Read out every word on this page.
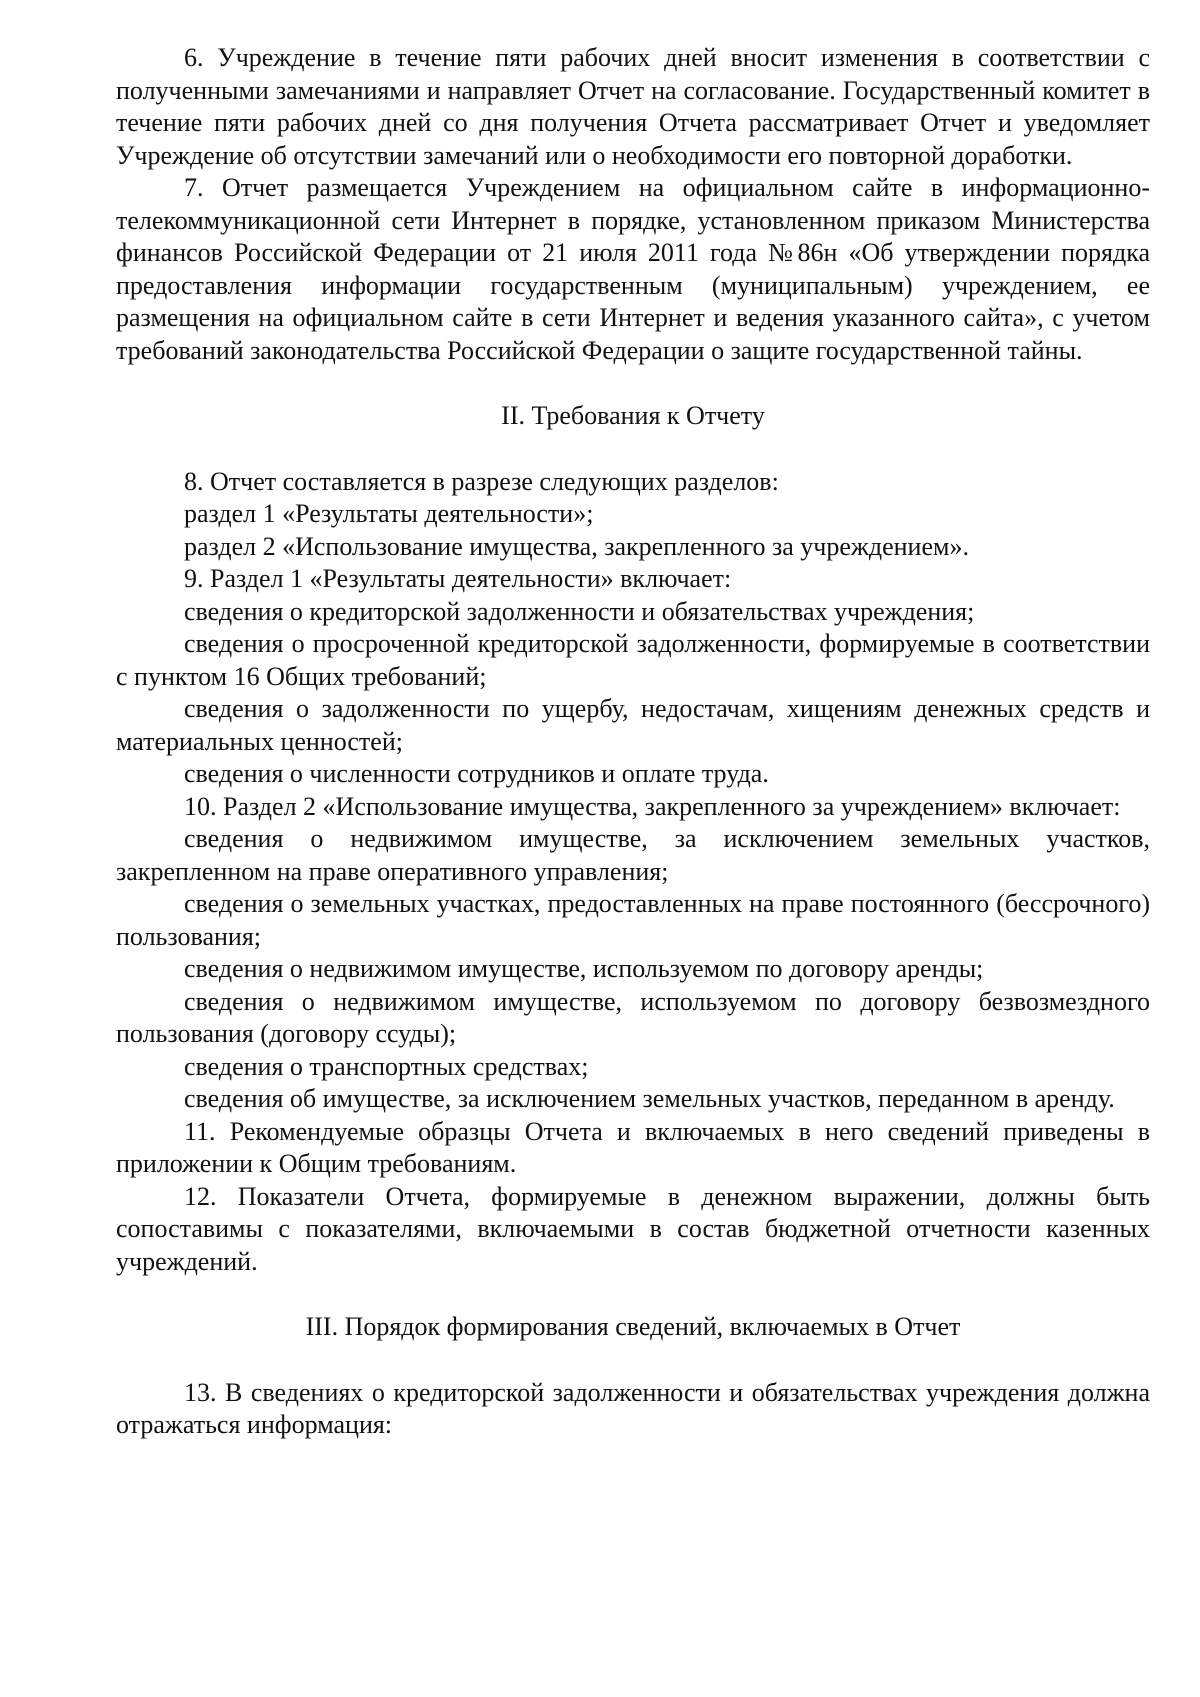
6. Учреждение в течение пяти рабочих дней вносит изменения в соответствии с полученными замечаниями и направляет Отчет на согласование. Государственный комитет в течение пяти рабочих дней со дня получения Отчета рассматривает Отчет и уведомляет Учреждение об отсутствии замечаний или о необходимости его повторной доработки.

7. Отчет размещается Учреждением на официальном сайте в информационно-телекоммуникационной сети Интернет в порядке, установленном приказом Министерства финансов Российской Федерации от 21 июля 2011 года №86н «Об утверждении порядка предоставления информации государственным (муниципальным) учреждением, ее размещения на официальном сайте в сети Интернет и ведения указанного сайта», с учетом требований законодательства Российской Федерации о защите государственной тайны.

II. Требования к Отчету

8. Отчет составляется в разрезе следующих разделов:

раздел 1 «Результаты деятельности»;

раздел 2 «Использование имущества, закрепленного за учреждением».

9. Раздел 1 «Результаты деятельности» включает:

сведения о кредиторской задолженности и обязательствах учреждения;

сведения о просроченной кредиторской задолженности, формируемые в соответствии с пунктом 16 Общих требований;

сведения о задолженности по ущербу, недостачам, хищениям денежных средств и материальных ценностей;

сведения о численности сотрудников и оплате труда.

10. Раздел 2 «Использование имущества, закрепленного за учреждением» включает:

сведения о недвижимом имуществе, за исключением земельных участков, закрепленном на праве оперативного управления;

сведения о земельных участках, предоставленных на праве постоянного (бессрочного) пользования;

сведения о недвижимом имуществе, используемом по договору аренды;

сведения о недвижимом имуществе, используемом по договору безвозмездного пользования (договору ссуды);

сведения о транспортных средствах;

сведения об имуществе, за исключением земельных участков, переданном в аренду.

11. Рекомендуемые образцы Отчета и включаемых в него сведений приведены в приложении к Общим требованиям.

12. Показатели Отчета, формируемые в денежном выражении, должны быть сопоставимы с показателями, включаемыми в состав бюджетной отчетности казенных учреждений.

III. Порядок формирования сведений, включаемых в Отчет

13. В сведениях о кредиторской задолженности и обязательствах учреждения должна отражаться информация:
